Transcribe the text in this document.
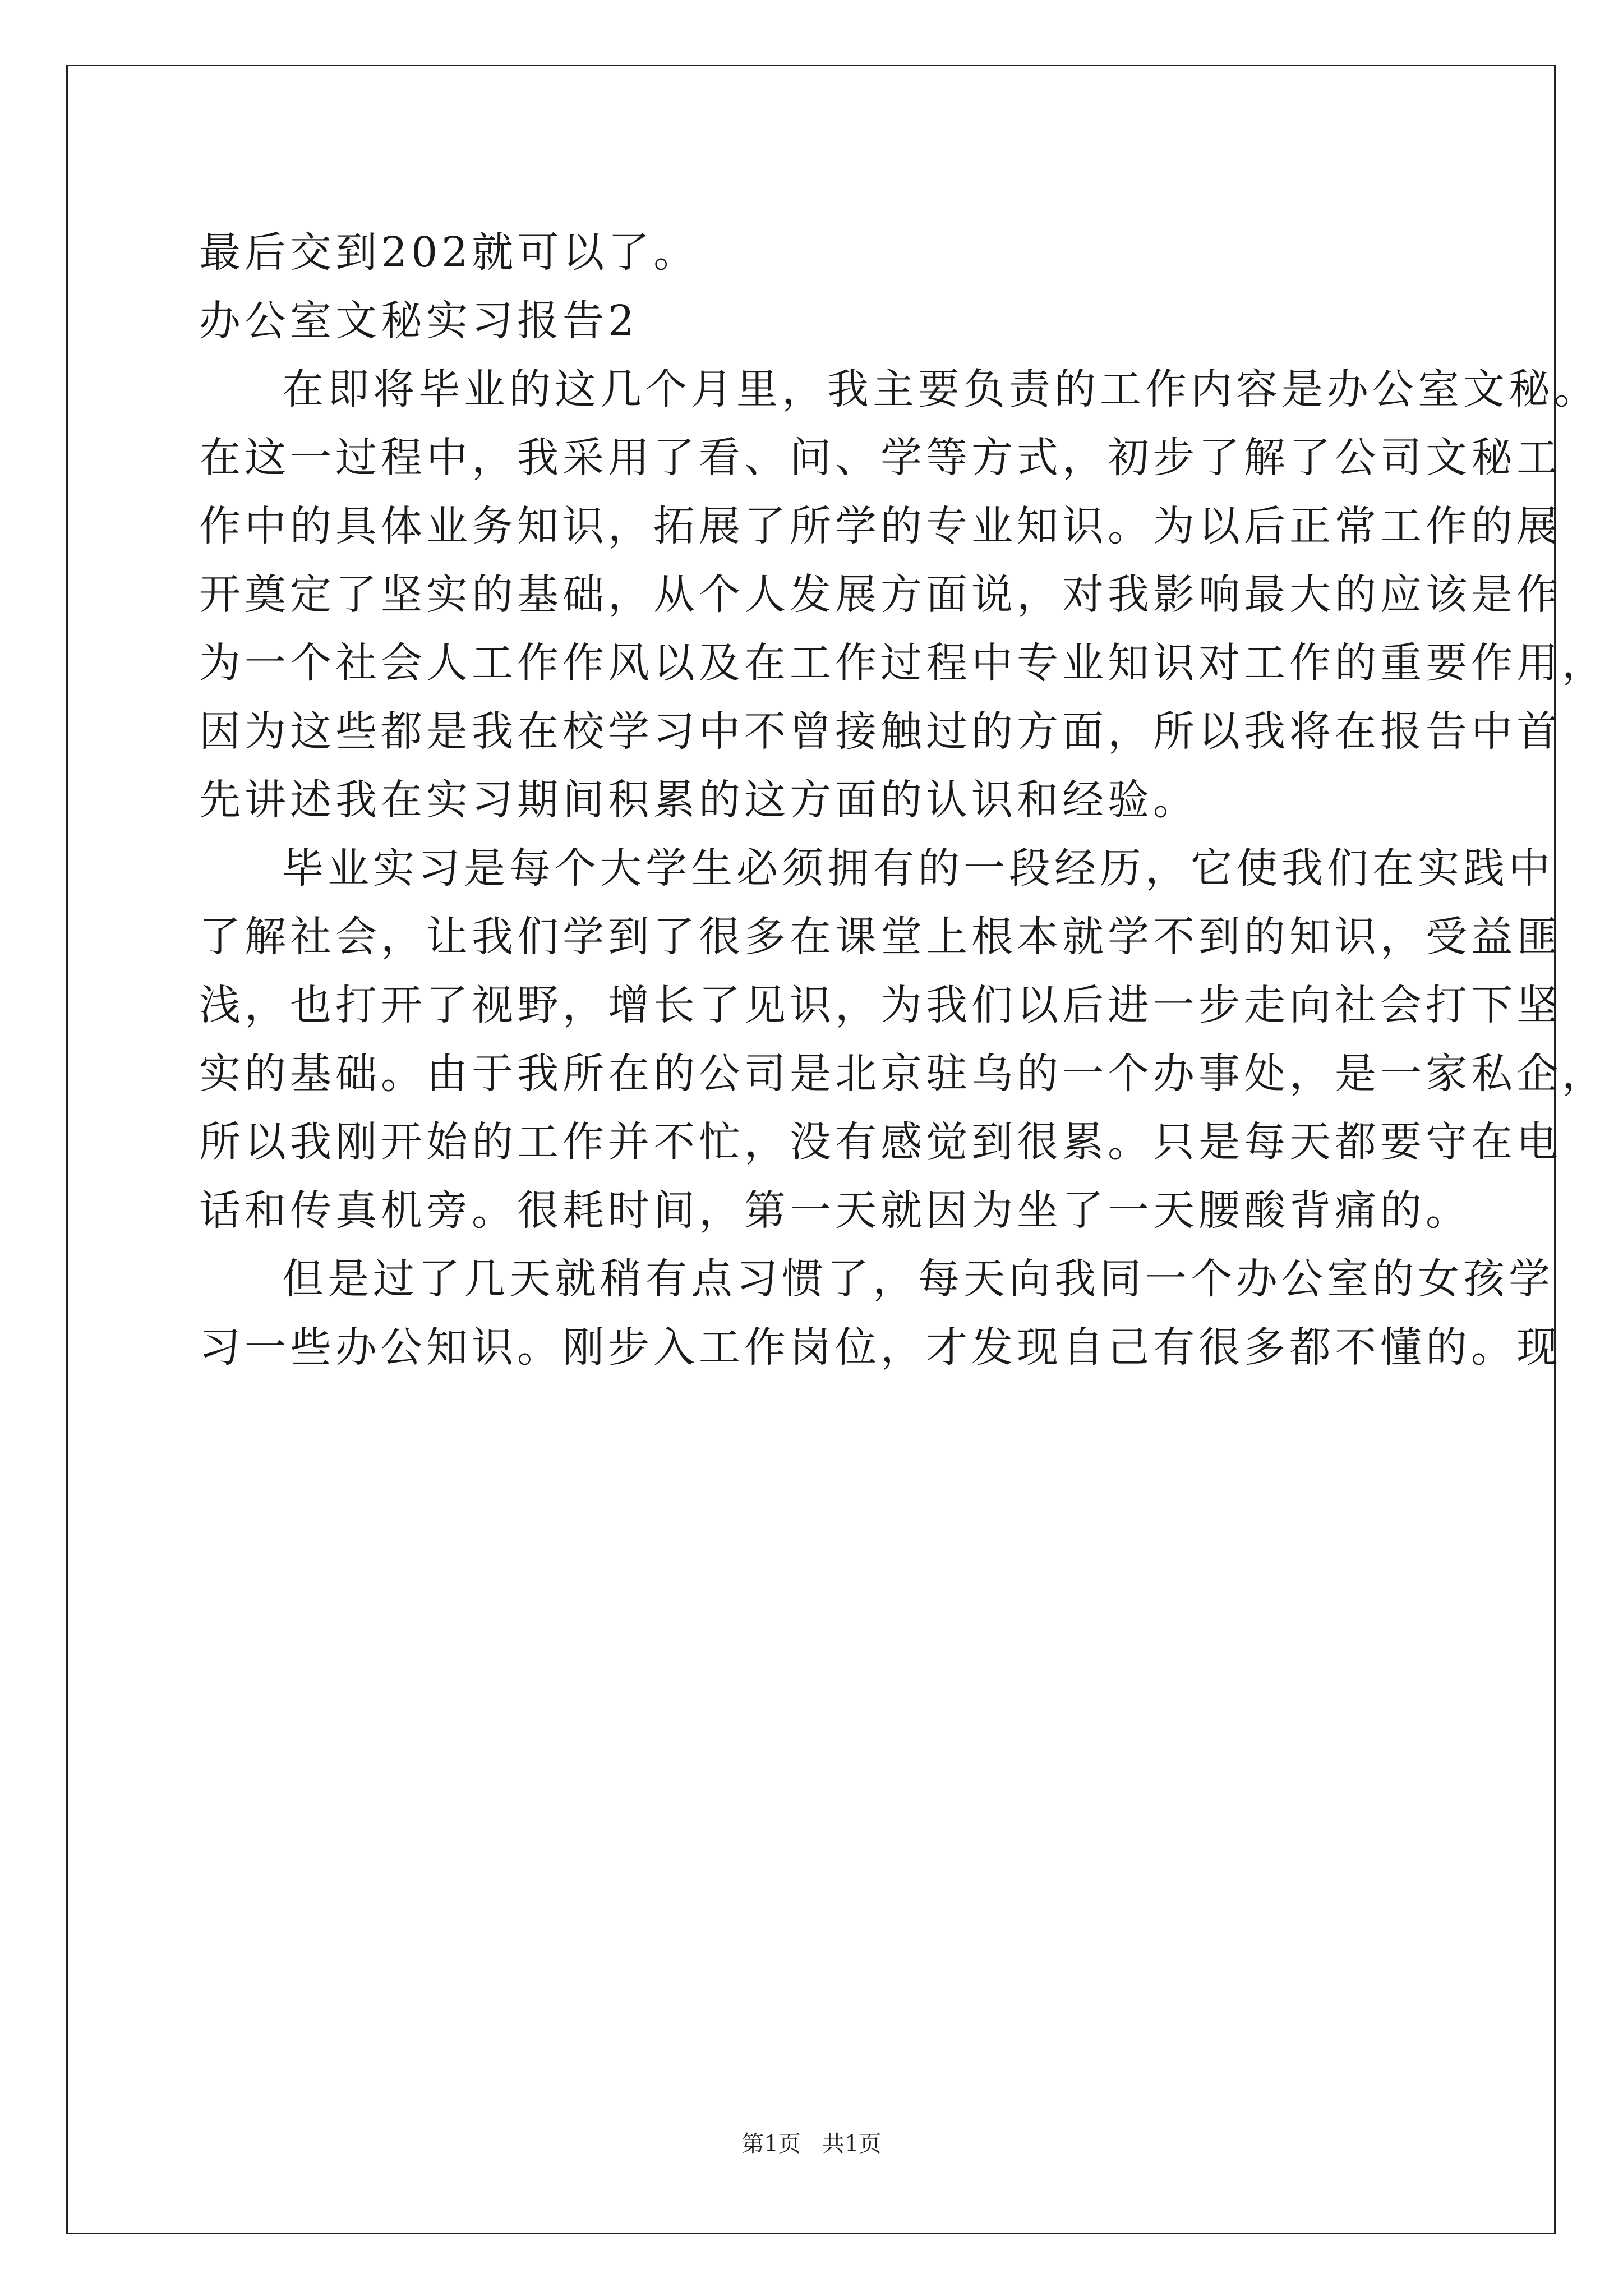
最后交到202就可以了。
办公室文秘实习报告2
在即将毕业的这几个月里，我主要负责的工作内容是办公室文秘。
在这一过程中，我采用了看、问、学等方式，初步了解了公司文秘工
作中的具体业务知识，拓展了所学的专业知识。为以后正常工作的展
开奠定了坚实的基础，从个人发展方面说，对我影响最大的应该是作
为一个社会人工作作风以及在工作过程中专业知识对工作的重要作用，
因为这些都是我在校学习中不曾接触过的方面，所以我将在报告中首
先讲述我在实习期间积累的这方面的认识和经验。
毕业实习是每个大学生必须拥有的一段经历，它使我们在实践中
了解社会，让我们学到了很多在课堂上根本就学不到的知识，受益匪
浅，也打开了视野，增长了见识，为我们以后进一步走向社会打下坚
实的基础。由于我所在的公司是北京驻乌的一个办事处，是一家私企，
所以我刚开始的工作并不忙，没有感觉到很累。只是每天都要守在电
话和传真机旁。很耗时间，第一天就因为坐了一天腰酸背痛的。
但是过了几天就稍有点习惯了，每天向我同一个办公室的女孩学
习一些办公知识。刚步入工作岗位，才发现自己有很多都不懂的。现
第1页   共1页
